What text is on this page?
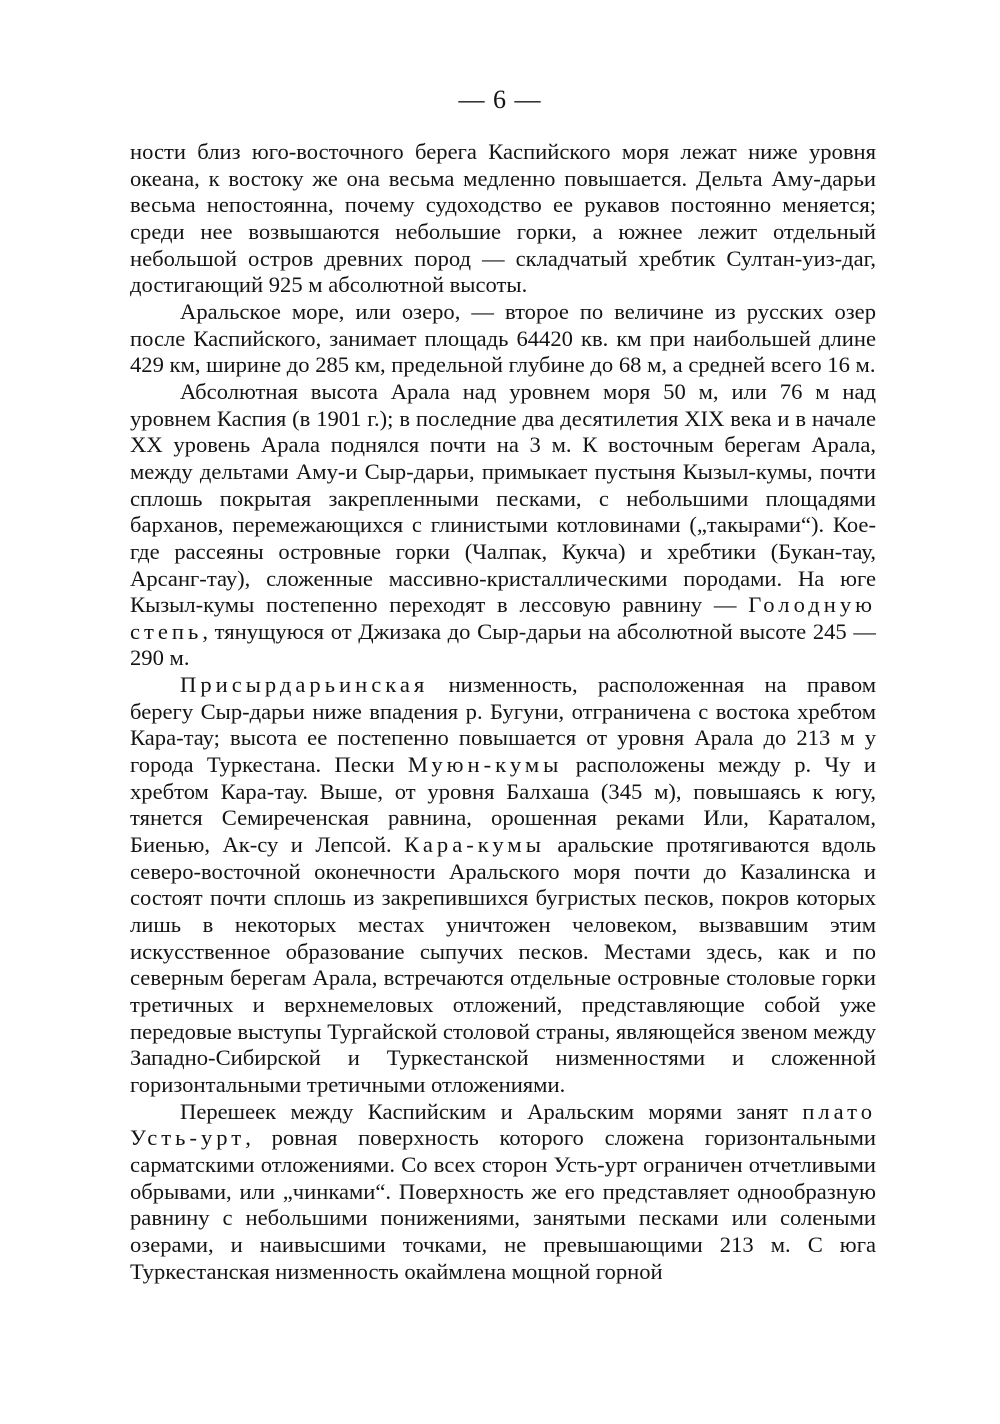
— 6 —

ности близ юго-восточного берега Каспийского моря лежат ниже уровня океана, к востоку же она весьма медленно повышается. Дельта Аму-дарьи весьма непостоянна, почему судоходство ее рукавов постоянно меняется; среди нее возвышаются небольшие горки, а южнее лежит отдельный небольшой остров древних пород — складчатый хребтик Султан-уиз-даг, достигающий 925 м абсолютной высоты.

Аральское море, или озеро, — второе по величине из русских озер после Каспийского, занимает площадь 64420 кв. км при наибольшей длине 429 км, ширине до 285 км, предельной глубине до 68 м, а средней всего 16 м.

Абсолютная высота Арала над уровнем моря 50 м, или 76 м над уровнем Каспия (в 1901 г.); в последние два десятилетия XIX века и в начале XX уровень Арала поднялся почти на 3 м. К восточным берегам Арала, между дельтами Аму-и Сыр-дарьи, примыкает пустыня Кызыл-кумы, почти сплошь покрытая закрепленными песками, с небольшими площадями барханов, перемежающихся с глинистыми котловинами („такырами“). Кое-где рассеяны островные горки (Чалпак, Кукча) и хребтики (Букан-тау, Арсанг-тау), сложенные массивно-кристаллическими породами. На юге Кызыл-кумы постепенно переходят в лессовую равнину — Голодную степь, тянущуюся от Джизака до Сыр-дарьи на абсолютной высоте 245 — 290 м.

Присырдарьинская низменность, расположенная на правом берегу Сыр-дарьи ниже впадения р. Бугуни, отграничена с востока хребтом Кара-тау; высота ее постепенно повышается от уровня Арала до 213 м у города Туркестана. Пески Муюн-кумы расположены между р. Чу и хребтом Кара-тау. Выше, от уровня Балхаша (345 м), повышаясь к югу, тянется Семиреченская равнина, орошенная реками Или, Караталом, Биенью, Ак-су и Лепсой. Кара-кумы аральские протягиваются вдоль северо-восточной оконечности Аральского моря почти до Казалинска и состоят почти сплошь из закрепившихся бугристых песков, покров которых лишь в некоторых местах уничтожен человеком, вызвавшим этим искусственное образование сыпучих песков. Местами здесь, как и по северным берегам Арала, встречаются отдельные островные столовые горки третичных и верхнемеловых отложений, представляющие собой уже передовые выступы Тургайской столовой страны, являющейся звеном между Западно-Сибирской и Туркестанской низменностями и сложенной горизонтальными третичными отложениями.

Перешеек между Каспийским и Аральским морями занят плато Усть-урт, ровная поверхность которого сложена горизонтальными сарматскими отложениями. Со всех сторон Усть-урт ограничен отчетливыми обрывами, или „чинками“. Поверхность же его представляет однообразную равнину с небольшими понижениями, занятыми песками или солеными озерами, и наивысшими точками, не превышающими 213 м. С юга Туркестанская низменность окаймлена мощной горной
